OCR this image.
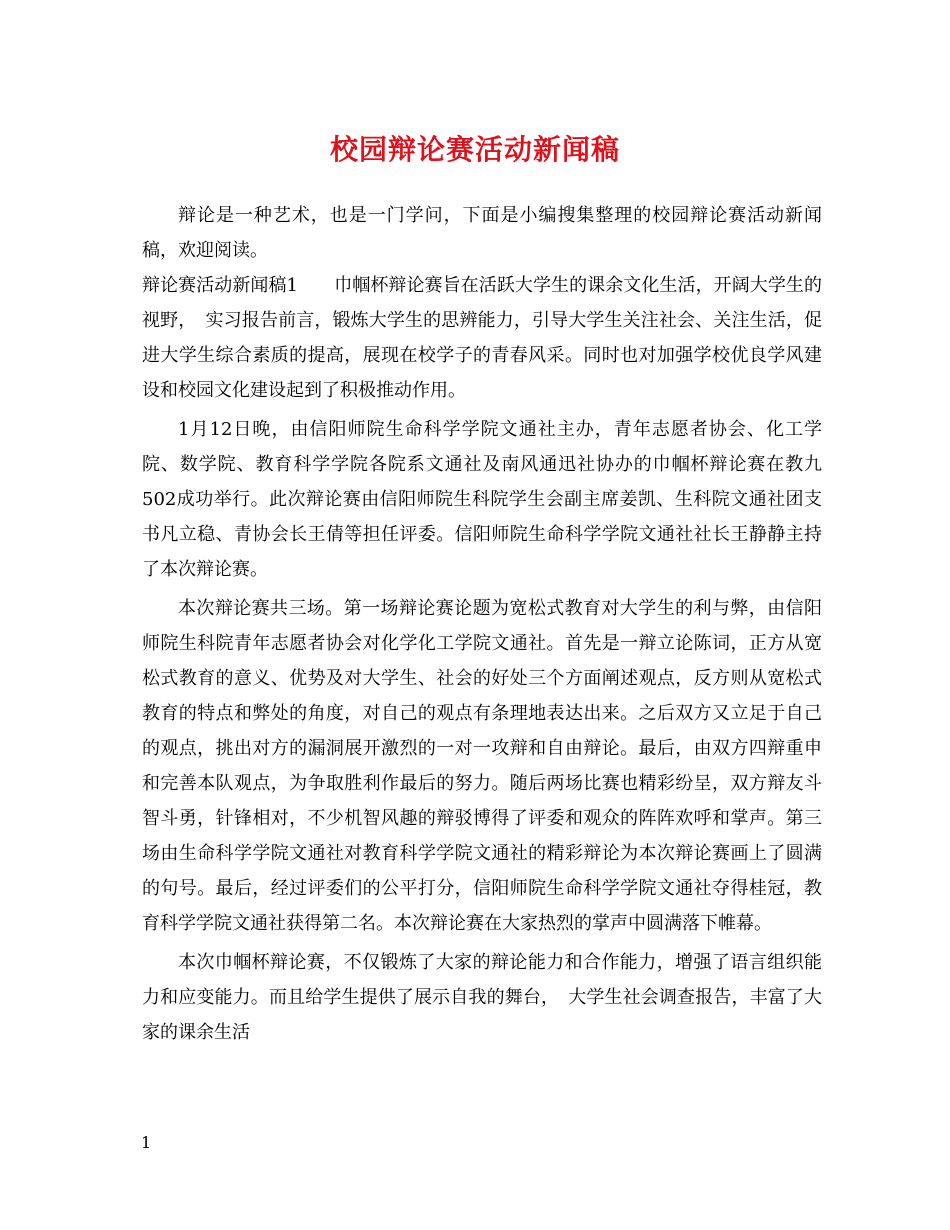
校园辩论赛活动新闻稿

辩论是一种艺术，也是一门学问，下面是小编搜集整理的校园辩论赛活动新闻稿，欢迎阅读。

辩论赛活动新闻稿1　　巾帼杯辩论赛旨在活跃大学生的课余文化生活，开阔大学生的视野，　实习报告前言，锻炼大学生的思辨能力，引导大学生关注社会、关注生活，促进大学生综合素质的提高，展现在校学子的青春风采。同时也对加强学校优良学风建设和校园文化建设起到了积极推动作用。

1月12日晚，由信阳师院生命科学学院文通社主办，青年志愿者协会、化工学院、数学院、教育科学学院各院系文通社及南风通迅社协办的巾帼杯辩论赛在教九502成功举行。此次辩论赛由信阳师院生科院学生会副主席姜凯、生科院文通社团支书凡立稳、青协会长王倩等担任评委。信阳师院生命科学学院文通社社长王静静主持了本次辩论赛。

本次辩论赛共三场。第一场辩论赛论题为宽松式教育对大学生的利与弊，由信阳师院生科院青年志愿者协会对化学化工学院文通社。首先是一辩立论陈词，正方从宽松式教育的意义、优势及对大学生、社会的好处三个方面阐述观点，反方则从宽松式教育的特点和弊处的角度，对自己的观点有条理地表达出来。之后双方又立足于自己的观点，挑出对方的漏洞展开激烈的一对一攻辩和自由辩论。最后，由双方四辩重申和完善本队观点，为争取胜利作最后的努力。随后两场比赛也精彩纷呈，双方辩友斗智斗勇，针锋相对，不少机智风趣的辩驳博得了评委和观众的阵阵欢呼和掌声。第三场由生命科学学院文通社对教育科学学院文通社的精彩辩论为本次辩论赛画上了圆满的句号。最后，经过评委们的公平打分，信阳师院生命科学学院文通社夺得桂冠，教育科学学院文通社获得第二名。本次辩论赛在大家热烈的掌声中圆满落下帷幕。

本次巾帼杯辩论赛，不仅锻炼了大家的辩论能力和合作能力，增强了语言组织能力和应变能力。而且给学生提供了展示自我的舞台，　大学生社会调查报告，丰富了大家的课余生活

1
